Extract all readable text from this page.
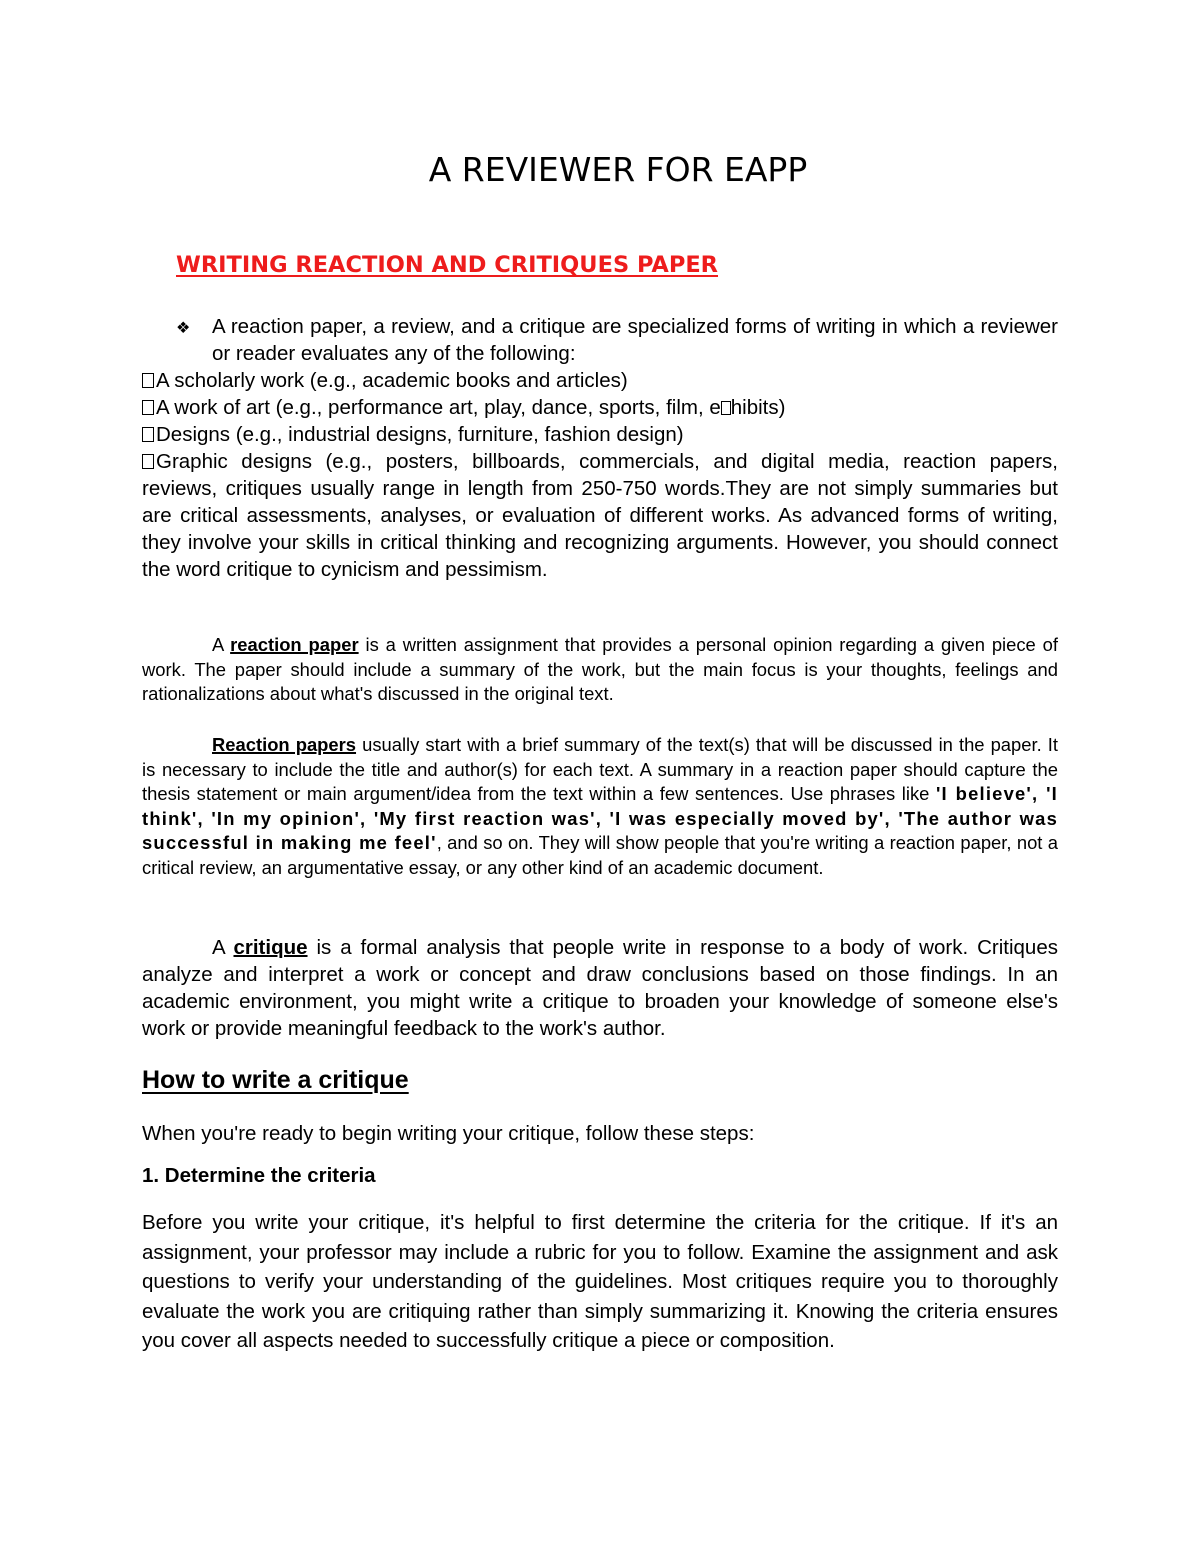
A REVIEWER FOR EAPP
WRITING REACTION AND CRITIQUES PAPER
❖ A reaction paper, a review, and a critique are specialized forms of writing in which a reviewer or reader evaluates any of the following:
A scholarly work (e.g., academic books and articles)
A work of art (e.g., performance art, play, dance, sports, film, e hibits)
Designs (e.g., industrial designs, furniture, fashion design)
Graphic designs (e.g., posters, billboards, commercials, and digital media, reaction papers, reviews, critiques usually range in length from 250-750 words.They are not simply summaries but are critical assessments, analyses, or evaluation of different works. As advanced forms of writing, they involve your skills in critical thinking and recognizing arguments. However, you should connect the word critique to cynicism and pessimism.

A reaction paper is a written assignment that provides a personal opinion regarding a given piece of work. The paper should include a summary of the work, but the main focus is your thoughts, feelings and rationalizations about what's discussed in the original text.

Reaction papers usually start with a brief summary of the text(s) that will be discussed in the paper. It is necessary to include the title and author(s) for each text. A summary in a reaction paper should capture the thesis statement or main argument/idea from the text within a few sentences. Use phrases like 'I believe', 'I think', 'In my opinion', 'My first reaction was', 'I was especially moved by', 'The author was successful in making me feel', and so on. They will show people that you're writing a reaction paper, not a critical review, an argumentative essay, or any other kind of an academic document.

A critique is a formal analysis that people write in response to a body of work. Critiques analyze and interpret a work or concept and draw conclusions based on those findings. In an academic environment, you might write a critique to broaden your knowledge of someone else's work or provide meaningful feedback to the work's author.

How to write a critique
When you're ready to begin writing your critique, follow these steps:
1. Determine the criteria

Before you write your critique, it's helpful to first determine the criteria for the critique. If it's an assignment, your professor may include a rubric for you to follow. Examine the assignment and ask questions to verify your understanding of the guidelines. Most critiques require you to thoroughly evaluate the work you are critiquing rather than simply summarizing it. Knowing the criteria ensures you cover all aspects needed to successfully critique a piece or composition.
